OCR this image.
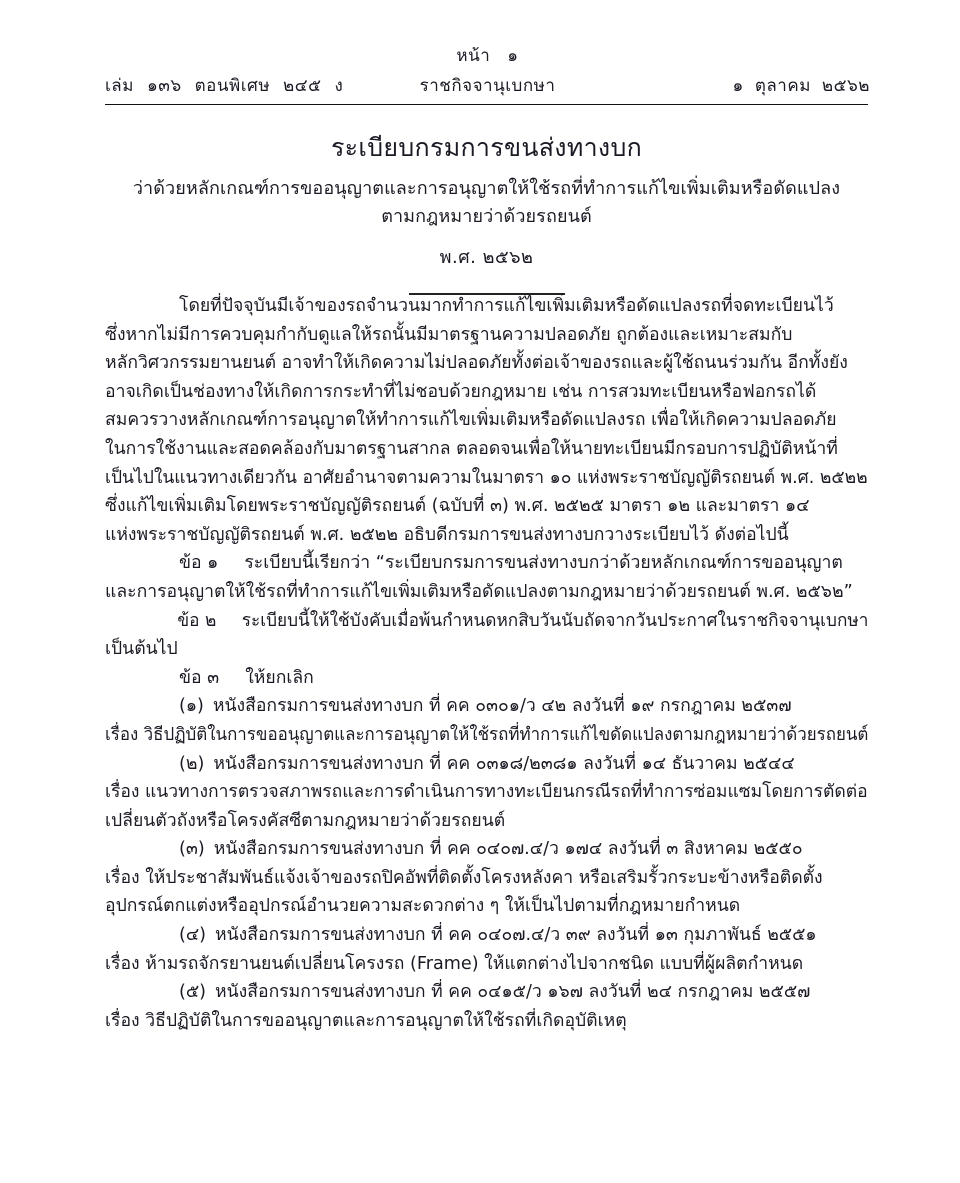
หน้า ๑
เล่ม ๑๓๖ ตอนพิเศษ ๒๔๕ ง	ราชกิจจานุเบกษา	๑ ตุลาคม ๒๕๖๒
ระเบียบกรมการขนส่งทางบก
ว่าด้วยหลักเกณฑ์การขออนุญาตและการอนุญาตให้ใช้รถที่ทำการแก้ไขเพิ่มเติมหรือดัดแปลง
ตามกฎหมายว่าด้วยรถยนต์
พ.ศ. ๒๕๖๒

โดยที่ปัจจุบันมีเจ้าของรถจำนวนมากทำการแก้ไขเพิ่มเติมหรือดัดแปลงรถที่จดทะเบียนไว้
ซึ่งหากไม่มีการควบคุมกำกับดูแลให้รถนั้นมีมาตรฐานความปลอดภัย ถูกต้องและเหมาะสมกับ
หลักวิศวกรรมยานยนต์ อาจทำให้เกิดความไม่ปลอดภัยทั้งต่อเจ้าของรถและผู้ใช้ถนนร่วมกัน อีกทั้งยัง
อาจเกิดเป็นช่องทางให้เกิดการกระทำที่ไม่ชอบด้วยกฎหมาย เช่น การสวมทะเบียนหรือฟอกรถได้
สมควรวางหลักเกณฑ์การอนุญาตให้ทำการแก้ไขเพิ่มเติมหรือดัดแปลงรถ เพื่อให้เกิดความปลอดภัย
ในการใช้งานและสอดคล้องกับมาตรฐานสากล ตลอดจนเพื่อให้นายทะเบียนมีกรอบการปฏิบัติหน้าที่
เป็นไปในแนวทางเดียวกัน อาศัยอำนาจตามความในมาตรา ๑๐ แห่งพระราชบัญญัติรถยนต์ พ.ศ. ๒๕๒๒
ซึ่งแก้ไขเพิ่มเติมโดยพระราชบัญญัติรถยนต์ (ฉบับที่ ๓) พ.ศ. ๒๕๒๕ มาตรา ๑๒ และมาตรา ๑๔
แห่งพระราชบัญญัติรถยนต์ พ.ศ. ๒๕๒๒ อธิบดีกรมการขนส่งทางบกวางระเบียบไว้ ดังต่อไปนี้

ข้อ ๑ ระเบียบนี้เรียกว่า “ระเบียบกรมการขนส่งทางบกว่าด้วยหลักเกณฑ์การขออนุญาต
และการอนุญาตให้ใช้รถที่ทำการแก้ไขเพิ่มเติมหรือดัดแปลงตามกฎหมายว่าด้วยรถยนต์ พ.ศ. ๒๕๖๒”

ข้อ ๒ ระเบียบนี้ให้ใช้บังคับเมื่อพ้นกำหนดหกสิบวันนับถัดจากวันประกาศในราชกิจจานุเบกษา
เป็นต้นไป

ข้อ ๓ ให้ยกเลิก

(๑) หนังสือกรมการขนส่งทางบก ที่ คค ๐๓๐๑/ว ๔๒ ลงวันที่ ๑๙ กรกฎาคม ๒๕๓๗
เรื่อง วิธีปฏิบัติในการขออนุญาตและการอนุญาตให้ใช้รถที่ทำการแก้ไขดัดแปลงตามกฎหมายว่าด้วยรถยนต์

(๒) หนังสือกรมการขนส่งทางบก ที่ คค ๐๓๑๘/๒๓๘๑ ลงวันที่ ๑๔ ธันวาคม ๒๕๔๔
เรื่อง แนวทางการตรวจสภาพรถและการดำเนินการทางทะเบียนกรณีรถที่ทำการซ่อมแซมโดยการตัดต่อ
เปลี่ยนตัวถังหรือโครงคัสซีตามกฎหมายว่าด้วยรถยนต์

(๓) หนังสือกรมการขนส่งทางบก ที่ คค ๐๔๐๗.๔/ว ๑๗๔ ลงวันที่ ๓ สิงหาคม ๒๕๕๐
เรื่อง ให้ประชาสัมพันธ์แจ้งเจ้าของรถปิคอัพที่ติดตั้งโครงหลังคา หรือเสริมรั้วกระบะข้างหรือติดตั้ง
อุปกรณ์ตกแต่งหรืออุปกรณ์อำนวยความสะดวกต่าง ๆ ให้เป็นไปตามที่กฎหมายกำหนด

(๔) หนังสือกรมการขนส่งทางบก ที่ คค ๐๔๐๗.๔/ว ๓๙ ลงวันที่ ๑๓ กุมภาพันธ์ ๒๕๕๑
เรื่อง ห้ามรถจักรยานยนต์เปลี่ยนโครงรถ (Frame) ให้แตกต่างไปจากชนิด แบบที่ผู้ผลิตกำหนด

(๕) หนังสือกรมการขนส่งทางบก ที่ คค ๐๔๑๕/ว ๑๖๗ ลงวันที่ ๒๔ กรกฎาคม ๒๕๕๗
เรื่อง วิธีปฏิบัติในการขออนุญาตและการอนุญาตให้ใช้รถที่เกิดอุบัติเหตุ
